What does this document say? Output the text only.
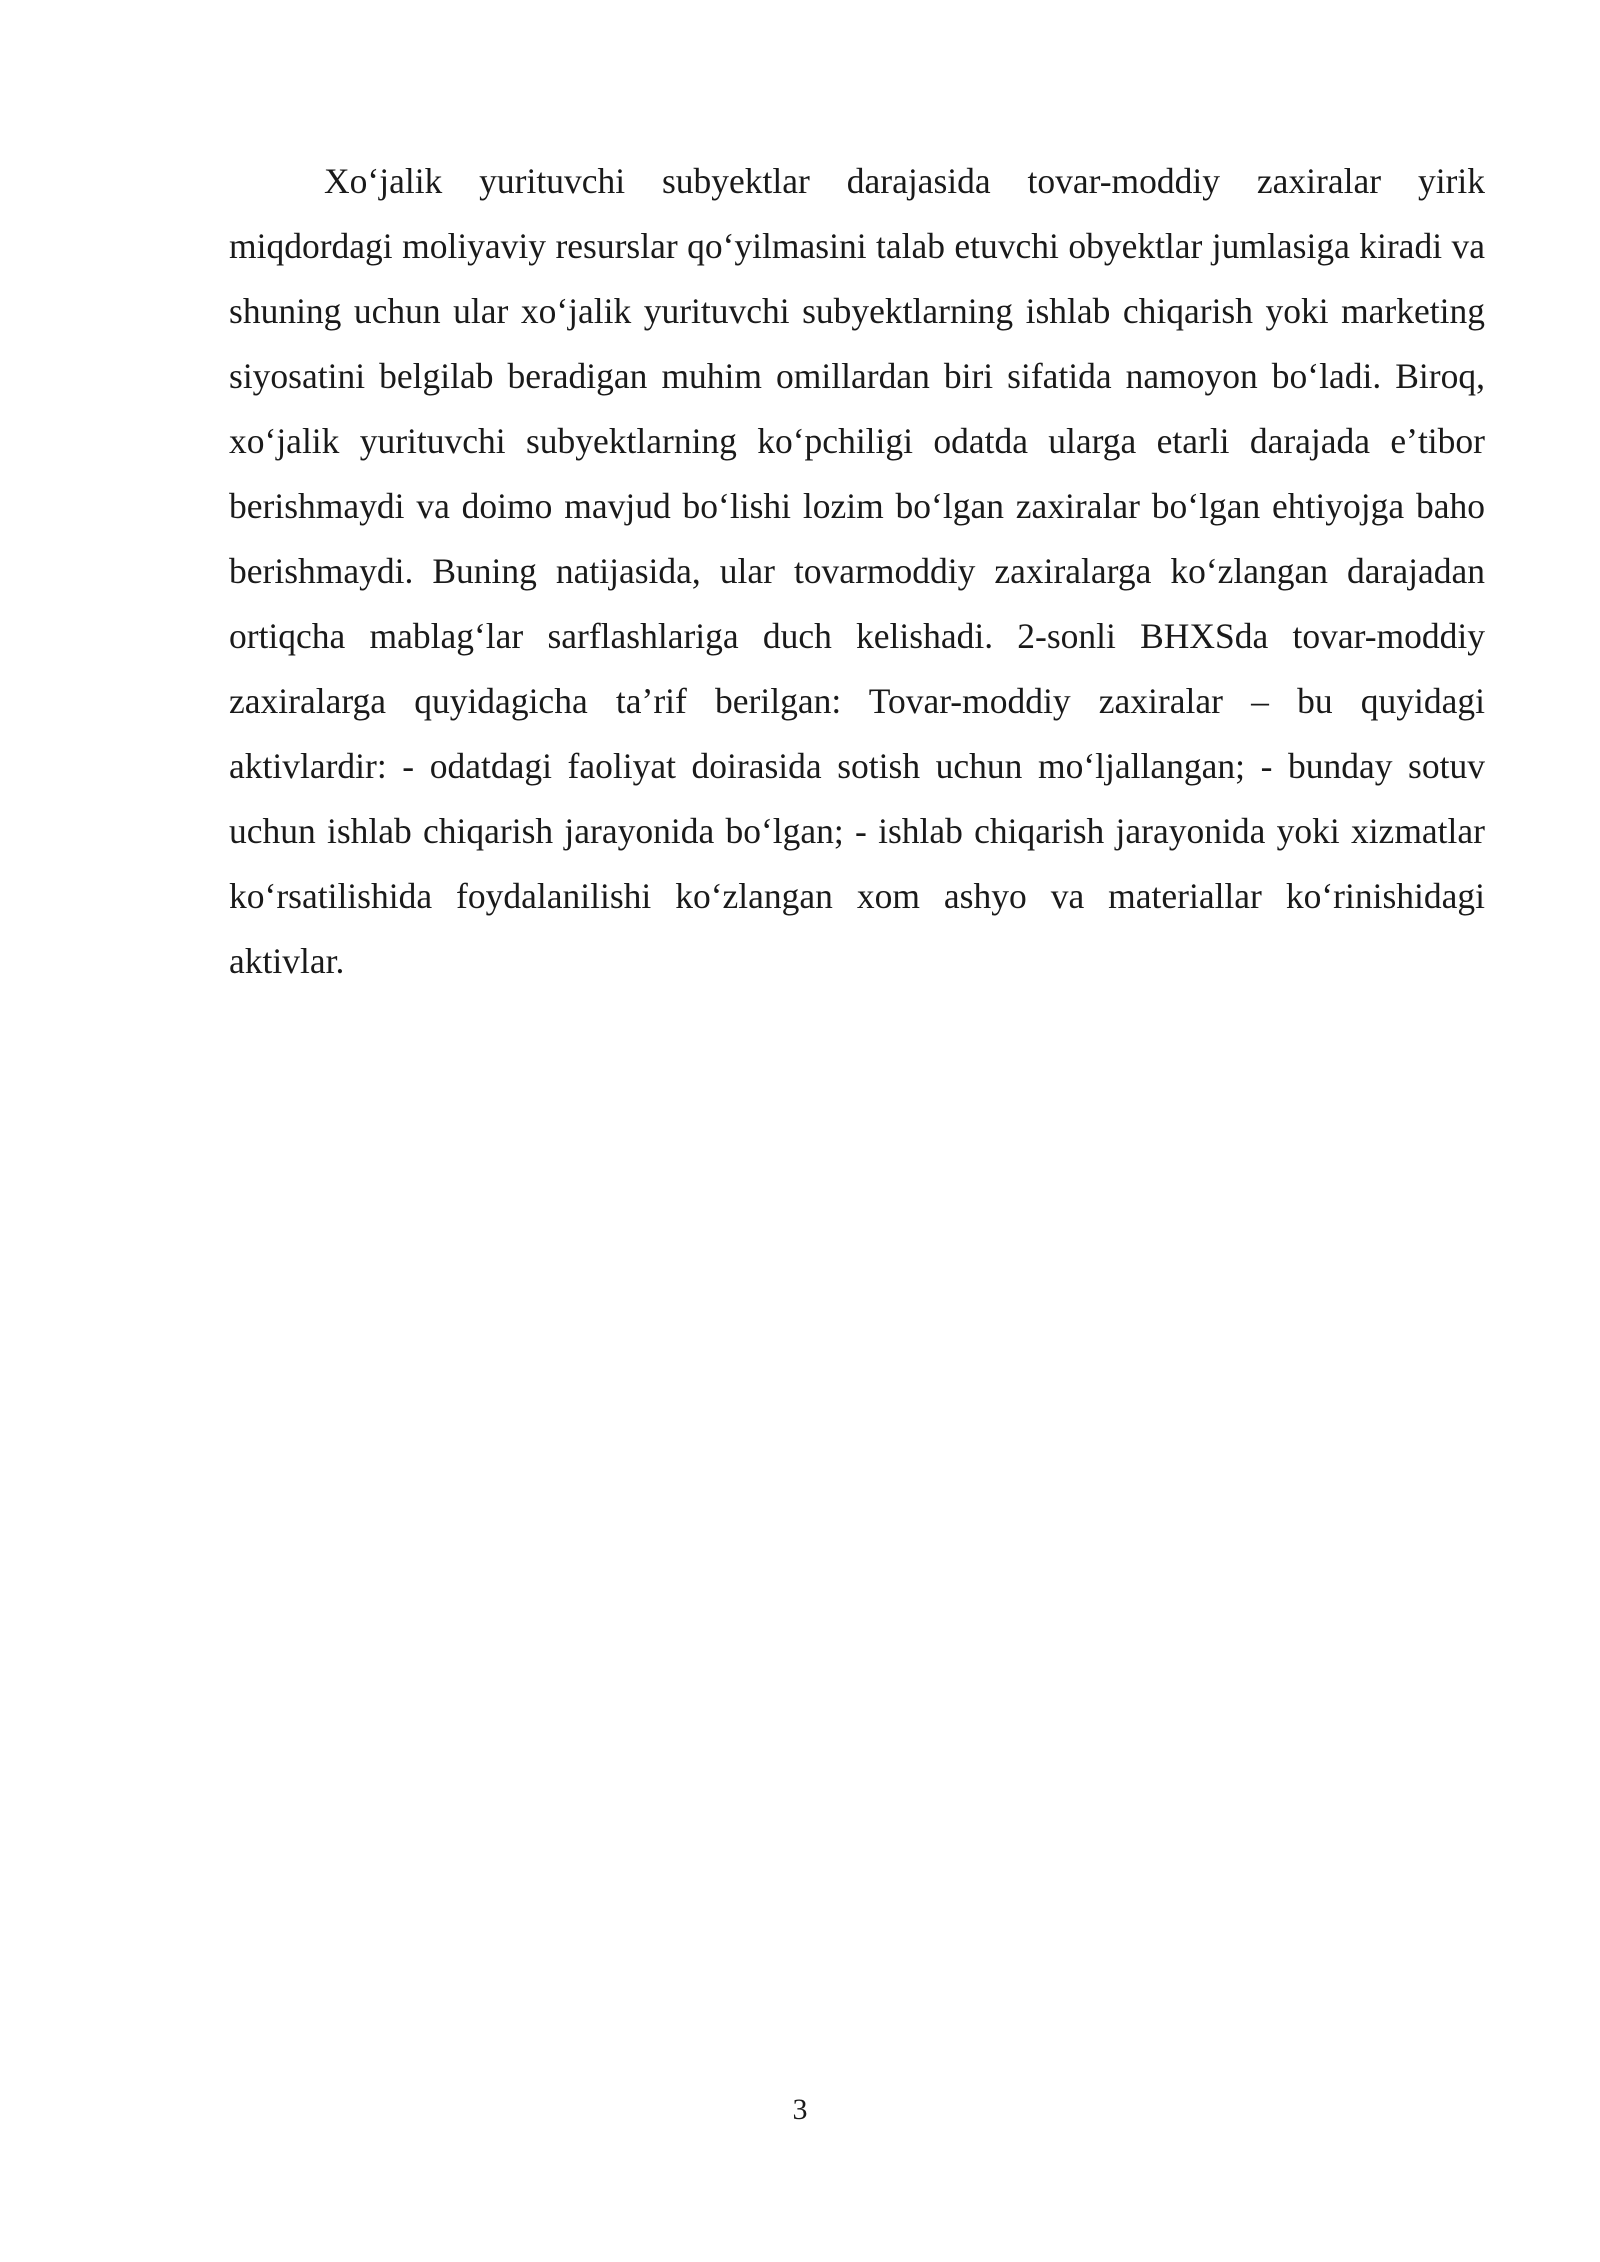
Xoʻjalik yurituvchi subyektlar darajasida tovar-moddiy zaxiralar yirik miqdordagi moliyaviy resurslar qoʻyilmasini talab etuvchi obyektlar jumlasiga kiradi va shuning uchun ular xoʻjalik yurituvchi subyektlarning ishlab chiqarish yoki marketing siyosatini belgilab beradigan muhim omillardan biri sifatida namoyon boʻladi. Biroq, xoʻjalik yurituvchi subyektlarning koʻpchiligi odatda ularga etarli darajada eʼtibor berishmaydi va doimo mavjud boʻlishi lozim boʻlgan zaxiralar boʻlgan ehtiyojga baho berishmaydi. Buning natijasida, ular tovarmoddiy zaxiralarga koʻzlangan darajadan ortiqcha mablagʻlar sarflashlariga duch kelishadi. 2-sonli BHXSda tovar-moddiy zaxiralarga quyidagicha taʼrif berilgan: Tovar-moddiy zaxiralar – bu quyidagi aktivlardir: - odatdagi faoliyat doirasida sotish uchun moʻljallangan; - bunday sotuv uchun ishlab chiqarish jarayonida boʻlgan; - ishlab chiqarish jarayonida yoki xizmatlar koʻrsatilishida foydalanilishi koʻzlangan xom ashyo va materiallar koʻrinishidagi aktivlar.

3
